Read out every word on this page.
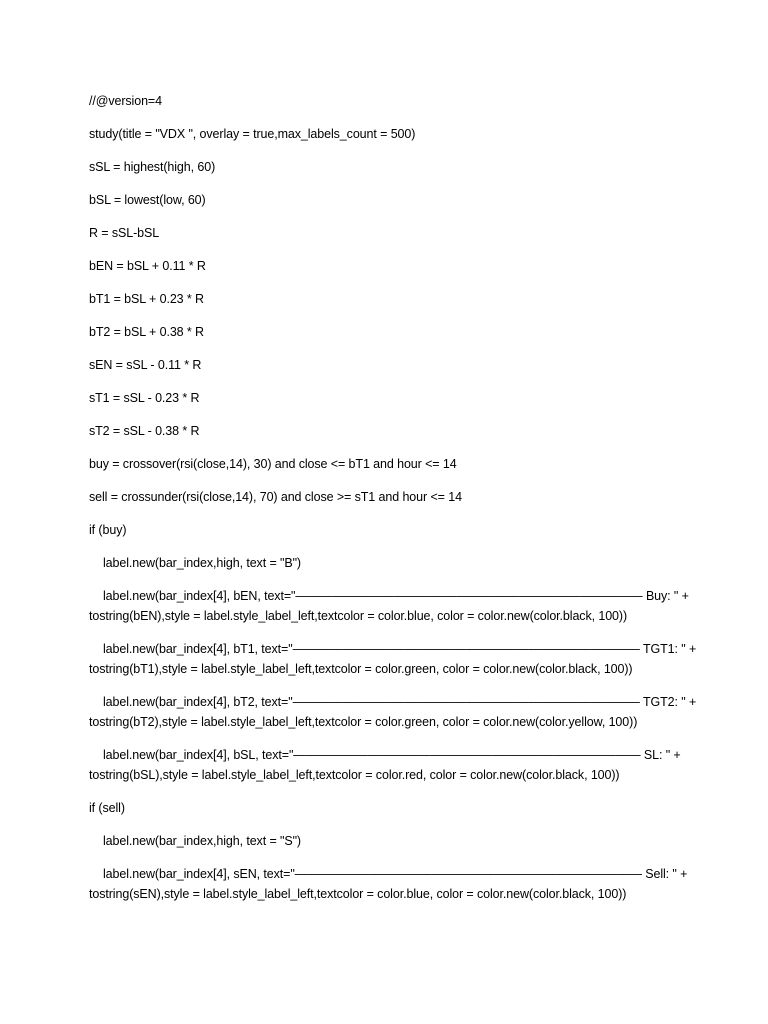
//@version=4

study(title = "VDX ", overlay = true,max_labels_count = 500)

sSL = highest(high, 60)

bSL = lowest(low, 60)

R = sSL-bSL

bEN = bSL + 0.11 * R

bT1 = bSL + 0.23 * R

bT2 = bSL + 0.38 * R

sEN = sSL - 0.11 * R

sT1 = sSL - 0.23 * R

sT2 = sSL - 0.38 * R

buy = crossover(rsi(close,14), 30) and close <= bT1 and hour <= 14

sell = crossunder(rsi(close,14), 70) and close >= sT1 and hour <= 14

if (buy)

label.new(bar_index,high, text = "B")

label.new(bar_index[4], bEN, text="———————————————————————————— Buy: " +

tostring(bEN),style = label.style_label_left,textcolor = color.blue, color = color.new(color.black, 100))

label.new(bar_index[4], bT1, text="———————————————————————————— TGT1: " +

tostring(bT1),style = label.style_label_left,textcolor = color.green, color = color.new(color.black, 100))

label.new(bar_index[4], bT2, text="———————————————————————————— TGT2: " +

tostring(bT2),style = label.style_label_left,textcolor = color.green, color = color.new(color.yellow, 100))

label.new(bar_index[4], bSL, text="———————————————————————————— SL: " +

tostring(bSL),style = label.style_label_left,textcolor = color.red, color = color.new(color.black, 100))

if (sell)

label.new(bar_index,high, text = "S")

label.new(bar_index[4], sEN, text="———————————————————————————— Sell: " +

tostring(sEN),style = label.style_label_left,textcolor = color.blue, color = color.new(color.black, 100))
